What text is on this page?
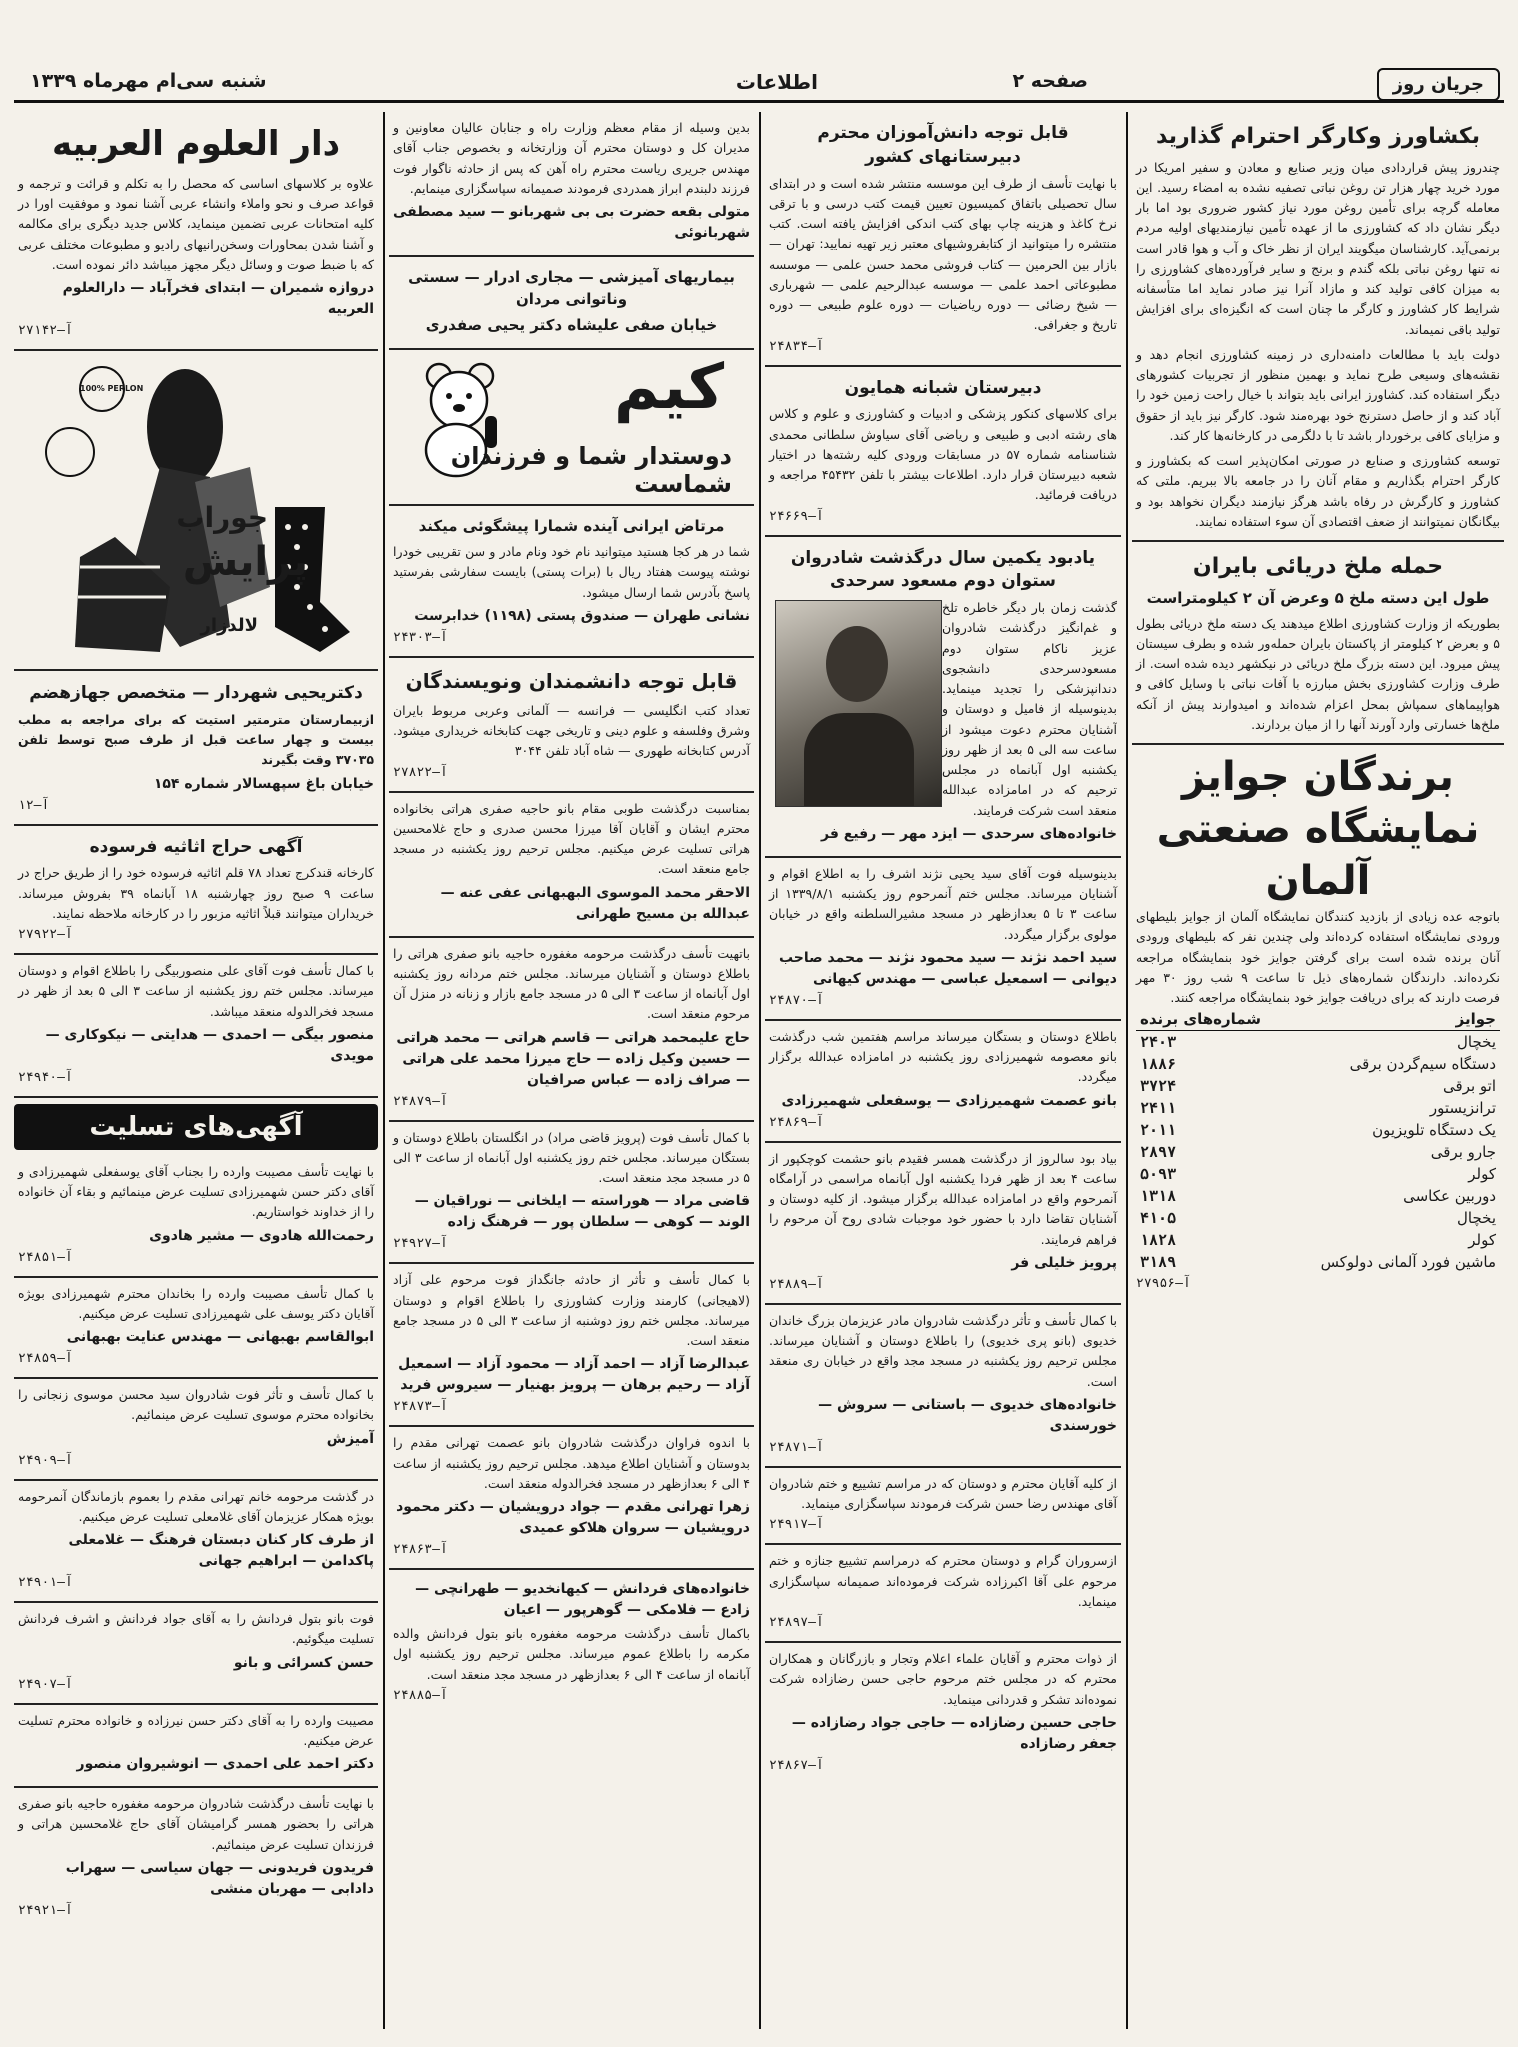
جریان روز
صفحه ۲
اطلاعات
شنبه سی‌ام مهرماه ۱۳۳۹
بکشاورز وکارگر احترام گذارید

چندروز پیش قراردادی میان وزیر صنایع و معادن و سفیر امریکا در مورد خرید چهار هزار تن روغن نباتی تصفیه نشده به امضاء رسید. این معامله گرچه برای تأمین روغن مورد نیاز کشور ضروری بود اما بار دیگر نشان داد که کشاورزی ما از عهده تأمین نیازمندیهای اولیه مردم برنمی‌آید. کارشناسان میگویند ایران از نظر خاک و آب و هوا قادر است نه تنها روغن نباتی بلکه گندم و برنج و سایر فرآورده‌های کشاورزی را به میزان کافی تولید کند و مازاد آنرا نیز صادر نماید اما متأسفانه شرایط کار کشاورز و کارگر ما چنان است که انگیزه‌ای برای افزایش تولید باقی نمیماند.

دولت باید با مطالعات دامنه‌داری در زمینه کشاورزی انجام دهد و نقشه‌های وسیعی طرح نماید و بهمین منظور از تجربیات کشورهای دیگر استفاده کند. کشاورز ایرانی باید بتواند با خیال راحت زمین خود را آباد کند و از حاصل دسترنج خود بهره‌مند شود. کارگر نیز باید از حقوق و مزایای کافی برخوردار باشد تا با دلگرمی در کارخانه‌ها کار کند.

توسعه کشاورزی و صنایع در صورتی امکان‌پذیر است که بکشاورز و کارگر احترام بگذاریم و مقام آنان را در جامعه بالا ببریم. ملتی که کشاورز و کارگرش در رفاه باشد هرگز نیازمند دیگران نخواهد بود و بیگانگان نمیتوانند از ضعف اقتصادی آن سوء استفاده نمایند.

حمله ملخ دریائی بایران
طول این دسته ملخ ۵ وعرض آن ۲ کیلومتراست

بطوریکه از وزارت کشاورزی اطلاع میدهند یک دسته ملخ دریائی بطول ۵ و بعرض ۲ کیلومتر از پاکستان بایران حمله‌ور شده و بطرف سیستان پیش میرود. این دسته بزرگ ملخ دریائی در نیکشهر دیده شده است. از طرف وزارت کشاورزی بخش مبارزه با آفات نباتی با وسایل کافی و هواپیماهای سمپاش بمحل اعزام شده‌اند و امیدوارند پیش از آنکه ملخ‌ها خسارتی وارد آورند آنها را از میان بردارند.

برندگان جوایز نمایشگاه صنعتی آلمان

باتوجه عده زیادی از بازدید کنندگان نمایشگاه آلمان از جوایز بلیطهای ورودی نمایشگاه استفاده کرده‌اند ولی چندین نفر که بلیطهای ورودی آنان برنده شده است برای گرفتن جوایز خود بنمایشگاه مراجعه نکرده‌اند. دارندگان شماره‌های ذیل تا ساعت ۹ شب روز ۳۰ مهر فرصت دارند که برای دریافت جوایز خود بنمایشگاه مراجعه کنند.

جوایز	شماره‌های برنده
یخچال	۲۴۰۳
دستگاه سیم‌گردن برقی	۱۸۸۶
اتو برقی	۳۷۲۴
ترانزیستور	۲۴۱۱
یک دستگاه تلویزیون	۲۰۱۱
جارو برقی	۲۸۹۷
کولر	۵۰۹۳
دوربین عکاسی	۱۳۱۸
یخچال	۴۱۰۵
کولر	۱۸۲۸
ماشین فورد آلمانی دولوکس	۳۱۸۹
آ—۲۷۹۵۶
قابل توجه دانش‌آموزان محترم دبیرستانهای کشور

با نهایت تأسف از طرف این موسسه منتشر شده است و در ابتدای سال تحصیلی باتفاق کمیسیون تعیین قیمت کتب درسی و با ترقی نرخ کاغذ و هزینه چاپ بهای کتب اندکی افزایش یافته است. کتب منتشره را میتوانید از کتابفروشیهای معتبر زیر تهیه نمایید: تهران — بازار بین الحرمین — کتاب فروشی محمد حسن علمی — موسسه مطبوعاتی احمد علمی — موسسه عبدالرحیم علمی — شهرباری — شیخ رضائی — دوره ریاضیات — دوره علوم طبیعی — دوره تاریخ و جغرافی.

آ—۲۴۸۳۴
دبیرستان شبانه همایون

برای کلاسهای کنکور پزشکی و ادبیات و کشاورزی و علوم و کلاس های رشته ادبی و طبیعی و ریاضی آقای سیاوش سلطانی محمدی شناسنامه شماره ۵۷ در مسابقات ورودی کلیه رشته‌ها در اختیار شعبه دبیرستان قرار دارد. اطلاعات بیشتر با تلفن ۴۵۴۳۲ مراجعه و دریافت فرمائید.

آ—۲۴۶۶۹
یادبود یکمین سال درگذشت شادروان ستوان دوم مسعود سرحدی

گذشت زمان بار دیگر خاطره تلخ و غم‌انگیز درگذشت شادروان عزیز ناکام ستوان دوم مسعودسرحدی دانشجوی دندانپزشکی را تجدید مینماید. بدینوسیله از فامیل و دوستان و آشنایان محترم دعوت میشود از ساعت سه الی ۵ بعد از ظهر روز یکشنبه اول آبانماه در مجلس ترحیم که در امامزاده عبدالله منعقد است شرکت فرمایند.

خانواده‌های سرحدی — ایزد مهر — رفیع فر

بدینوسیله فوت آقای سید یحیی نژند اشرف را به اطلاع اقوام و آشنایان میرساند. مجلس ختم آنمرحوم روز یکشنبه ۱۳۳۹/۸/۱ از ساعت ۳ تا ۵ بعدازظهر در مسجد مشیرالسلطنه واقع در خیابان مولوی برگزار میگردد.

سید احمد نژند — سید محمود نژند — محمد صاحب دیوانی — اسمعیل عباسی — مهندس کیهانی
آ—۲۴۸۷۰

باطلاع دوستان و بستگان میرساند مراسم هفتمین شب درگذشت بانو معصومه شهمیرزادی روز یکشنبه در امامزاده عبدالله برگزار میگردد.

بانو عصمت شهمیرزادی — یوسفعلی شهمیرزادی
آ—۲۴۸۶۹

بیاد بود سالروز از درگذشت همسر فقیدم بانو حشمت کوچکپور از ساعت ۴ بعد از ظهر فردا یکشنبه اول آبانماه مراسمی در آرامگاه آنمرحوم واقع در امامزاده عبدالله برگزار میشود. از کلیه دوستان و آشنایان تقاضا دارد با حضور خود موجبات شادی روح آن مرحوم را فراهم فرمایند.

پرویز خلیلی فر
آ—۲۴۸۸۹

با کمال تأسف و تأثر درگذشت شادروان مادر عزیزمان بزرگ خاندان خدیوی (بانو پری خدیوی) را باطلاع دوستان و آشنایان میرساند. مجلس ترحیم روز یکشنبه در مسجد مجد واقع در خیابان ری منعقد است.

خانواده‌های خدیوی — باستانی — سروش — خورسندی
آ—۲۴۸۷۱

از کلیه آقایان محترم و دوستان که در مراسم تشییع و ختم شادروان آقای مهندس رضا حسن شرکت فرمودند سپاسگزاری مینماید.

آ—۲۴۹۱۷

ازسروران گرام و دوستان محترم که درمراسم تشییع جنازه و ختم مرحوم علی آقا اکبرزاده شرکت فرموده‌اند صمیمانه سپاسگزاری مینماید.

آ—۲۴۸۹۷

از ذوات محترم و آقایان علماء اعلام وتجار و بازرگانان و همکاران محترم که در مجلس ختم مرحوم حاجی حسن رضازاده شرکت نموده‌اند تشکر و قدردانی مینماید.

حاجی حسین رضازاده — حاجی جواد رضازاده — جعفر رضازاده
آ—۲۴۸۶۷

بدین وسیله از مقام معظم وزارت راه و جنابان عالیان معاونین و مدیران کل و دوستان محترم آن وزارتخانه و بخصوص جناب آقای مهندس جریری ریاست محترم راه آهن که پس از حادثه ناگوار فوت فرزند دلبندم ابراز همدردی فرمودند صمیمانه سپاسگزاری مینمایم.

متولی بقعه حضرت بی بی شهربانو — سید مصطفی شهربانوئی
بیماریهای آمیزشی — مجاری ادرار — سستی وناتوانی مردان
خیابان صفی علیشاه دکتر یحیی صفدری
کیم
دوستدار شما و فرزندان شماست
مرتاض ایرانی آینده شمارا پیشگوئی میکند

شما در هر کجا هستید میتوانید نام خود ونام مادر و سن تقریبی خودرا نوشته پیوست هفتاد ریال با (برات پستی) بایست سفارشی بفرستید پاسخ بآدرس شما ارسال میشود.

نشانی طهران — صندوق پستی (۱۱۹۸) خدابرست
آ—۲۴۳۰۳
قابل توجه دانشمندان ونویسندگان

تعداد کتب انگلیسی — فرانسه — آلمانی وعربی مربوط بایران وشرق وفلسفه و علوم دینی و تاریخی جهت کتابخانه خریداری میشود. آدرس کتابخانه طهوری — شاه آباد تلفن ۳۰۴۴

آ—۲۷۸۲۲

بمناسبت درگذشت طوبی مقام بانو حاجیه صفری هراتی بخانواده محترم ایشان و آقایان آقا میرزا محسن صدری و حاج غلامحسین هراتی تسلیت عرض میکنیم. مجلس ترحیم روز یکشنبه در مسجد جامع منعقد است.

الاحقر محمد الموسوی البهبهانی عفی عنه — عبدالله بن مسیح طهرانی

باتهیت تأسف درگذشت مرحومه مغفوره حاجیه بانو صفری هراتی را باطلاع دوستان و آشنایان میرساند. مجلس ختم مردانه روز یکشنبه اول آبانماه از ساعت ۳ الی ۵ در مسجد جامع بازار و زنانه در منزل آن مرحوم منعقد است.

حاج علیمحمد هراتی — قاسم هراتی — محمد هراتی — حسین وکیل زاده — حاج میرزا محمد علی هراتی — صراف زاده — عباس صرافیان
آ—۲۴۸۷۹

با کمال تأسف فوت (پرویز قاضی مراد) در انگلستان باطلاع دوستان و بستگان میرساند. مجلس ختم روز یکشنبه اول آبانماه از ساعت ۳ الی ۵ در مسجد مجد منعقد است.

قاضی مراد — هوراسته — ایلخانی — نوراقیان — الوند — کوهی — سلطان پور — فرهنگ زاده
آ—۲۴۹۲۷

با کمال تأسف و تأثر از حادثه جانگداز فوت مرحوم علی آزاد (لاهیجانی) کارمند وزارت کشاورزی را باطلاع اقوام و دوستان میرساند. مجلس ختم روز دوشنبه از ساعت ۳ الی ۵ در مسجد جامع منعقد است.

عبدالرضا آزاد — احمد آزاد — محمود آزاد — اسمعیل آزاد — رحیم برهان — پرویز بهنیار — سیروس فرید
آ—۲۴۸۷۳

با اندوه فراوان درگذشت شادروان بانو عصمت تهرانی مقدم را بدوستان و آشنایان اطلاع میدهد. مجلس ترحیم روز یکشنبه از ساعت ۴ الی ۶ بعدازظهر در مسجد فخرالدوله منعقد است.

زهرا تهرانی مقدم — جواد درویشیان — دکتر محمود درویشیان — سروان هلاکو عمیدی
آ—۲۴۸۶۳
خانواده‌های فردانش — کیهانخدیو — طهرانچی — زادع — فلامکی — گوهرپور — اعیان

باکمال تأسف درگذشت مرحومه مغفوره بانو بتول فردانش والده مکرمه را باطلاع عموم میرساند. مجلس ترحیم روز یکشنبه اول آبانماه از ساعت ۴ الی ۶ بعدازظهر در مسجد مجد منعقد است.

آ—۲۴۸۸۵
دار العلوم العربیه

علاوه بر کلاسهای اساسی که محصل را به تکلم و قرائت و ترجمه و قواعد صرف و نحو واملاء وانشاء عربی آشنا نمود و موفقیت اورا در کلیه امتحانات عربی تضمین مینماید، کلاس جدید دیگری برای مکالمه و آشنا شدن بمحاورات وسخن‌رانیهای رادیو و مطبوعات مختلف عربی که با ضبط صوت و وسائل دیگر مجهز میباشد دائر نموده است.

دروازه شمیران — ابتدای فخرآباد — دارالعلوم العربیه
آ—۲۷۱۴۲
100% PERLON
جوراب
پرایش
لالدزار
دکتریحیی شهردار — متخصص جهازهضم

ازبیمارستان مترمتیر استیت که برای مراجعه به مطب بیست و چهار ساعت قبل از طرف صبح توسط تلفن ۳۷۰۳۵ وقت بگیرند

خیابان باغ سپهسالار شماره ۱۵۴
آ—۱۲
آگهی حراج اثاثیه فرسوده

کارخانه قندکرج تعداد ۷۸ قلم اثاثیه فرسوده خود را از طریق حراج در ساعت ۹ صبح روز چهارشنبه ۱۸ آبانماه ۳۹ بفروش میرساند. خریداران میتوانند قبلاً اثاثیه مزبور را در کارخانه ملاحظه نمایند.

آ—۲۷۹۲۲

با کمال تأسف فوت آقای علی منصوربیگی را باطلاع اقوام و دوستان میرساند. مجلس ختم روز یکشنبه از ساعت ۳ الی ۵ بعد از ظهر در مسجد فخرالدوله منعقد میباشد.

منصور بیگی — احمدی — هدایتی — نیکوکاری — مویدی
آ—۲۴۹۴۰
آگهی‌های تسلیت

با نهایت تأسف مصیبت وارده را بجناب آقای یوسفعلی شهمیرزادی و آقای دکتر حسن شهمیرزادی تسلیت عرض مینمائیم و بقاء آن خانواده را از خداوند خواستاریم.

رحمت‌الله هادوی — مشیر هادوی
آ—۲۴۸۵۱

با کمال تأسف مصیبت وارده را بخاندان محترم شهمیرزادی بویژه آقایان دکتر یوسف علی شهمیرزادی تسلیت عرض میکنیم.

ابوالقاسم بهبهانی — مهندس عنایت بهبهانی
آ—۲۴۸۵۹

با کمال تأسف و تأثر فوت شادروان سید محسن موسوی زنجانی را بخانواده محترم موسوی تسلیت عرض مینمائیم.

آمیزش
آ—۲۴۹۰۹

در گذشت مرحومه خانم تهرانی مقدم را بعموم بازماندگان آنمرحومه بویژه همکار عزیزمان آقای غلامعلی تسلیت عرض میکنیم.

از طرف کار کنان دبستان فرهنگ — غلامعلی پاکدامن — ابراهیم جهانی
آ—۲۴۹۰۱

فوت بانو بتول فردانش را به آقای جواد فردانش و اشرف فردانش تسلیت میگوئیم.

حسن کسرائی و بانو
آ—۲۴۹۰۷

مصیبت وارده را به آقای دکتر حسن نیرزاده و خانواده محترم تسلیت عرض میکنیم.

دکتر احمد علی احمدی — انوشیروان منصور

با نهایت تأسف درگذشت شادروان مرحومه مغفوره حاجیه بانو صفری هراتی را بحضور همسر گرامیشان آقای حاج غلامحسین هراتی و فرزندان تسلیت عرض مینمائیم.

فریدون فریدونی — جهان سیاسی — سهراب دادابی — مهربان منشی
آ—۲۴۹۲۱
